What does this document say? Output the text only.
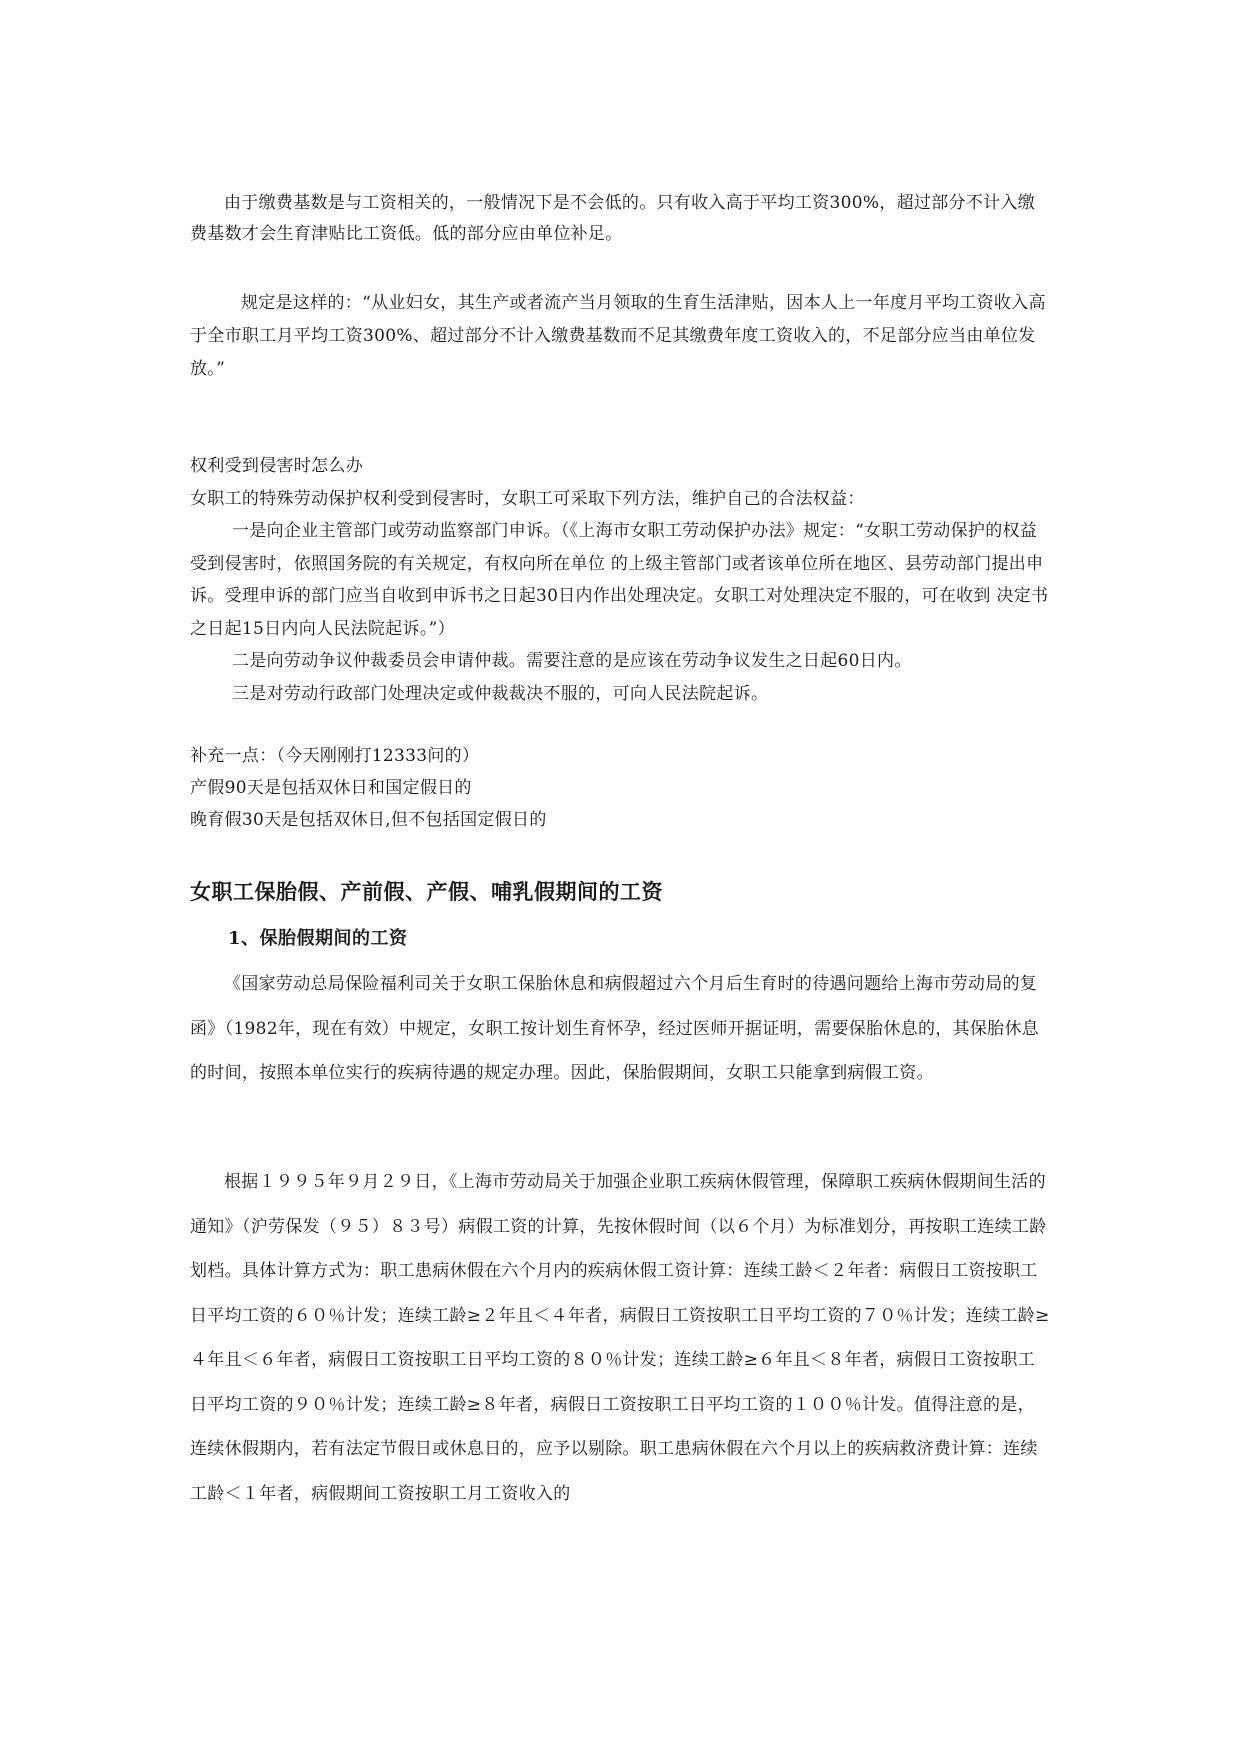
由于缴费基数是与工资相关的，一般情况下是不会低的。只有收入高于平均工资300%，超过部分不计入缴费基数才会生育津贴比工资低。低的部分应由单位补足。

规定是这样的：“从业妇女，其生产或者流产当月领取的生育生活津贴，因本人上一年度月平均工资收入高于全市职工月平均工资300%、超过部分不计入缴费基数而不足其缴费年度工资收入的，不足部分应当由单位发放。”

权利受到侵害时怎么办

女职工的特殊劳动保护权利受到侵害时，女职工可采取下列方法，维护自己的合法权益：

一是向企业主管部门或劳动监察部门申诉。（《上海市女职工劳动保护办法》规定：“女职工劳动保护的权益受到侵害时，依照国务院的有关规定，有权向所在单位 的上级主管部门或者该单位所在地区、县劳动部门提出申诉。受理申诉的部门应当自收到申诉书之日起30日内作出处理决定。女职工对处理决定不服的，可在收到 决定书之日起15日内向人民法院起诉。”）

二是向劳动争议仲裁委员会申请仲裁。需要注意的是应该在劳动争议发生之日起60日内。

三是对劳动行政部门处理决定或仲裁裁决不服的，可向人民法院起诉。

补充一点：（今天刚刚打12333问的）

产假90天是包括双休日和国定假日的

晚育假30天是包括双休日,但不包括国定假日的

女职工保胎假、产前假、产假、哺乳假期间的工资
1、保胎假期间的工资

《国家劳动总局保险福利司关于女职工保胎休息和病假超过六个月后生育时的待遇问题给上海市劳动局的复函》（1982年，现在有效）中规定，女职工按计划生育怀孕，经过医师开据证明，需要保胎休息的，其保胎休息的时间，按照本单位实行的疾病待遇的规定办理。因此，保胎假期间，女职工只能拿到病假工资。

根据１９９５年９月２９日，《上海市劳动局关于加强企业职工疾病休假管理，保障职工疾病休假期间生活的通知》（沪劳保发（９５）８３号）病假工资的计算，先按休假时间（以６个月）为标准划分，再按职工连续工龄划档。具体计算方式为：职工患病休假在六个月内的疾病休假工资计算：连续工龄＜２年者：病假日工资按职工日平均工资的６０％计发；连续工龄≥２年且＜４年者，病假日工资按职工日平均工资的７０％计发；连续工龄≥４年且＜６年者，病假日工资按职工日平均工资的８０％计发；连续工龄≥６年且＜８年者，病假日工资按职工日平均工资的９０％计发；连续工龄≥８年者，病假日工资按职工日平均工资的１００％计发。值得注意的是，连续休假期内，若有法定节假日或休息日的，应予以剔除。职工患病休假在六个月以上的疾病救济费计算：连续工龄＜１年者，病假期间工资按职工月工资收入的
